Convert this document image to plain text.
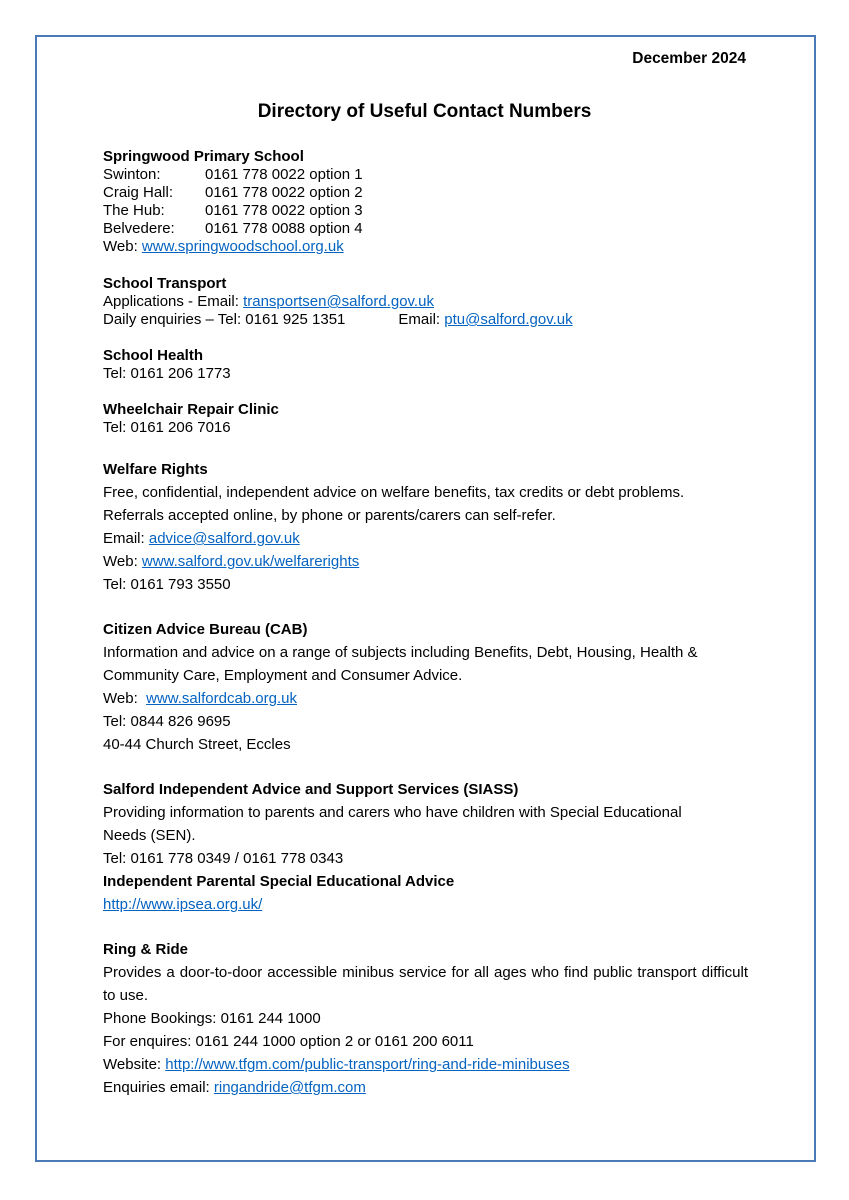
December 2024
Directory of Useful Contact Numbers

Springwood Primary School

Swinton:	0161 778 0022 option 1

Craig Hall: 0161 778 0022 option 2

The Hub:	0161 778 0022 option 3

Belvedere: 0161 778 0088 option 4

Web: www.springwoodschool.org.uk

School Transport

Applications - Email: transportsen@salford.gov.uk

Daily enquiries – Tel: 0161 925 1351	Email: ptu@salford.gov.uk

School Health

Tel: 0161 206 1773

Wheelchair Repair Clinic

Tel: 0161 206 7016

Welfare Rights

Free, confidential, independent advice on welfare benefits, tax credits or debt problems.

Referrals accepted online, by phone or parents/carers can self-refer.

Email: advice@salford.gov.uk

Web: www.salford.gov.uk/welfarerights

Tel: 0161 793 3550

Citizen Advice Bureau (CAB)

Information and advice on a range of subjects including Benefits, Debt, Housing, Health &

Community Care, Employment and Consumer Advice.

Web: www.salfordcab.org.uk

Tel: 0844 826 9695

40-44 Church Street, Eccles

Salford Independent Advice and Support Services (SIASS)

Providing information to parents and carers who have children with Special Educational

Needs (SEN).

Tel: 0161 778 0349 / 0161 778 0343

Independent Parental Special Educational Advice

http://www.ipsea.org.uk/

Ring & Ride

Provides a door-to-door accessible minibus service for all ages who find public transport difficult to use.

Phone Bookings: 0161 244 1000

For enquires: 0161 244 1000 option 2 or 0161 200 6011

Website: http://www.tfgm.com/public-transport/ring-and-ride-minibuses

Enquiries email: ringandride@tfgm.com
